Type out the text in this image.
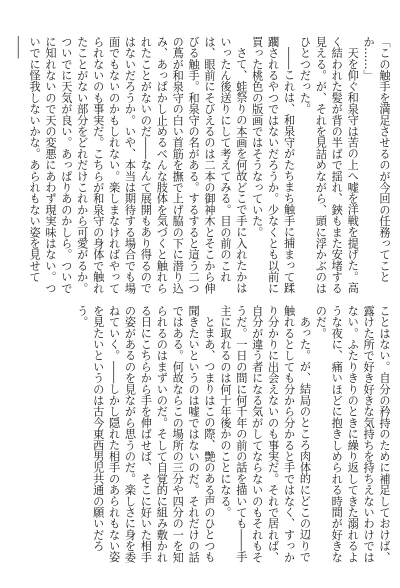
「この触手を満足させるのが今回の任務ってことか……」

天を仰ぐ和泉守は苦の上へ嘘を洋戦を提げた。高く結われた髪が背の半ばで揺れ、鋏もまた安堵する見える。が、それを見詰めながら、頭に浮かぶのはひとつだった。

――これは、和泉守がたちまち触手に捕まって蹂躙されるやつではないだろうか。少なくとも以前に買った桃色の版画ではそうなっていた。

さて、蛙祭りの本画を何故どこで手に入れたかはいったん後送りにして考えてみる。目の前のこれは、眼前にそびえるのは二本の御神木とそこから伸びる触手。和泉守の名がある。するすると這う二つの蔦が和泉守の白い首筋を撫で上げ脇の下に潜り込み、あっぱかし止めるべんな肢体を気づくと触れられたことがないのだ――なんて展開もあり得るのではないだろうか。いや、本当は期待する場合でも場面でもないのかもしれない。楽しまなければやってられないのも事実だ。こちらが和泉守の身体で触れたことがない部分をどれだけこれから可愛がるか。ついでに天気が良い。あっぱりあのかしら。ついでに知れないので天の変悪にあわず現実味はない。ついでに怪我しないかな。あられもない姿を見せて――

ことはない。自分の矜持のために補足しておけば、露けた所で好き好きな気持ちを持ちえないわけではない。ふたりきりのときに繰り返してきた溺れるような夜に、痛いほどに抱きしめられる時間が好きなのだ。

あった。が、結局のところ肉体的にどこの辺りで触れるとしても分から分かると手ではなく、すっかり分かりに出会えないのも事実だ。それで居れば、自分が違う者になる気がしてならないのもそれもそうだ。一日の間に何千年の前の話を描いても――手主に取れるのは何十年後かのことになる。

とまあ、つまりはこの際、艶のある声のひとつも聞きたいというのは嘘ではないのだ。それだけの話ではある。何故ならこの場所の三分や四分の一を知られるのはまずいのだ。そして自覚的に組み敷かれる日にこちらから手を伸ばせば、そこに好いた相手の姿があるのを見ながら思うのだ。楽しさに身を委ねていく。――しかし隠れた相手のあられもない姿を見たいというのは古今東西男児共通の願いだろう。
